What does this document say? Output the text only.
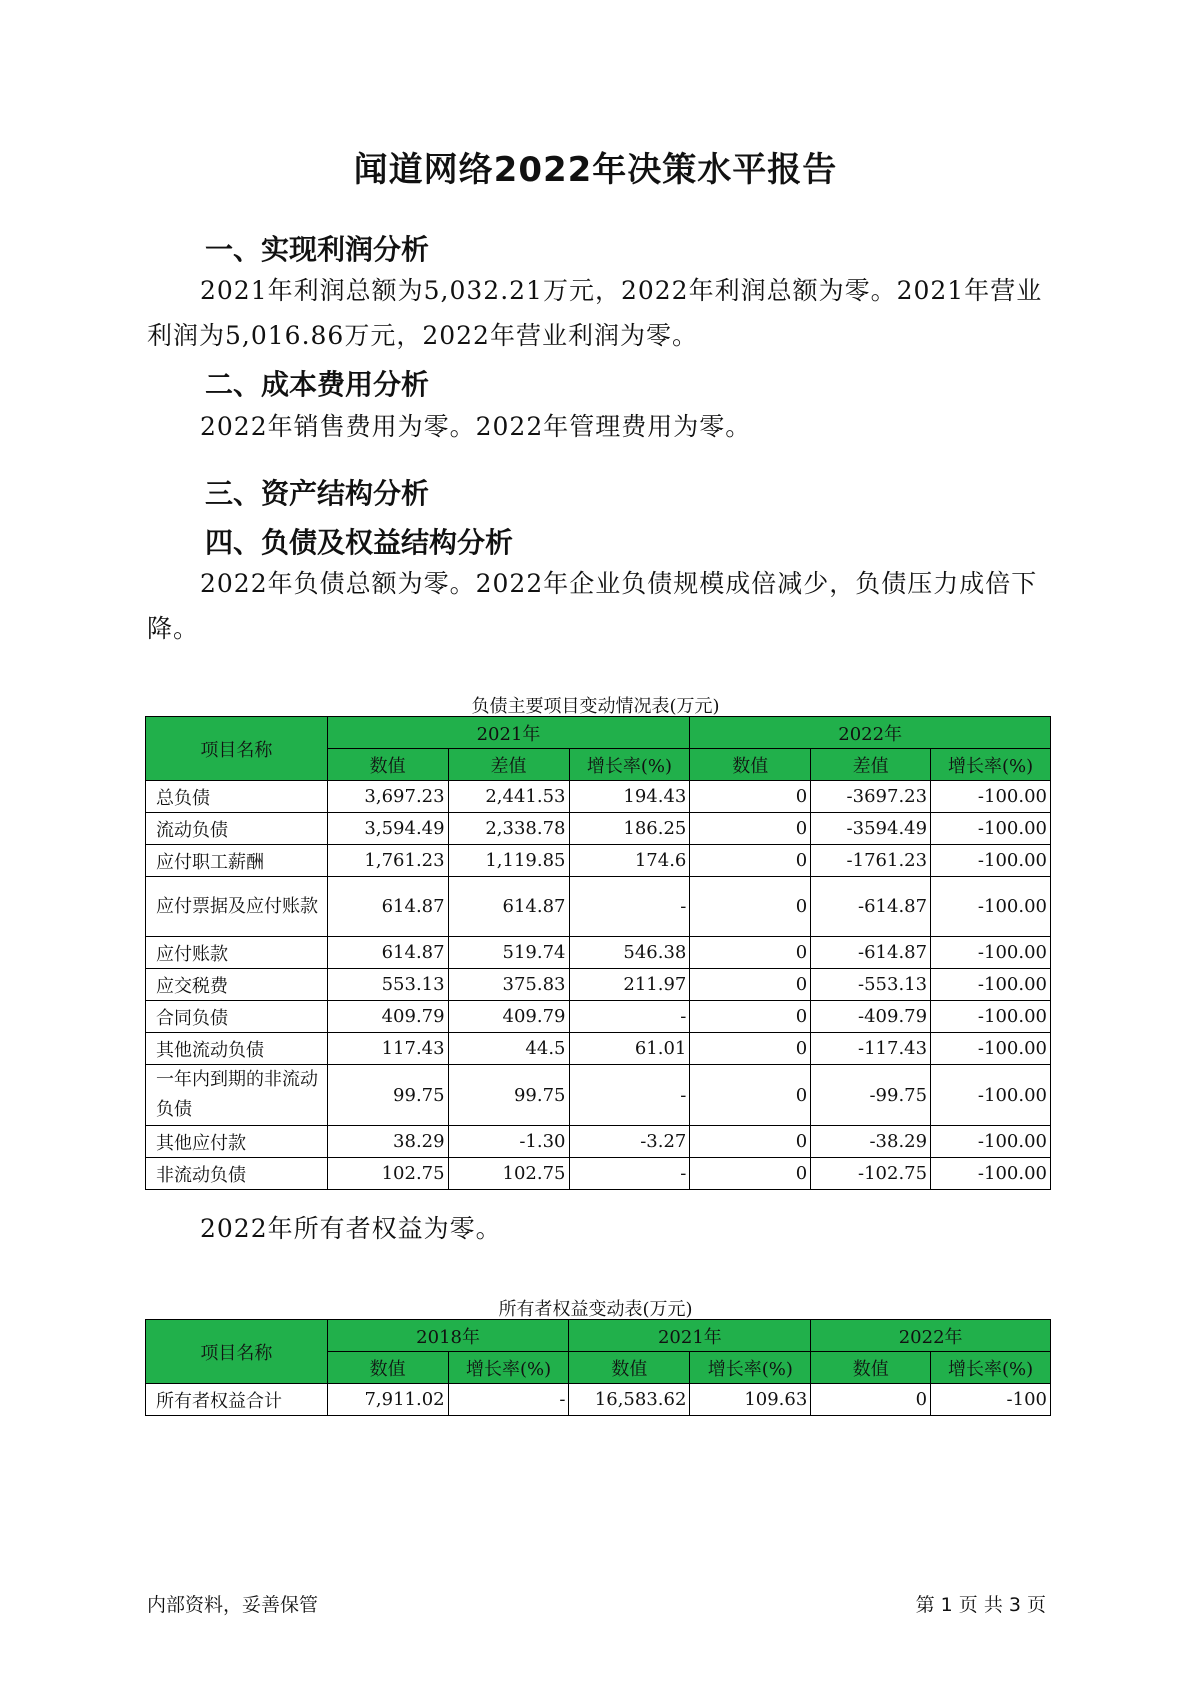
闻道网络2022年决策水平报告
一、实现利润分析

2021年利润总额为5,032.21万元，2022年利润总额为零。2021年营业利润为5,016.86万元，2022年营业利润为零。

二、成本费用分析

2022年销售费用为零。2022年管理费用为零。

三、资产结构分析
四、负债及权益结构分析

2022年负债总额为零。2022年企业负债规模成倍减少，负债压力成倍下降。

负债主要项目变动情况表(万元)
项目名称	2021年			2022年		
	数值	差值	增长率(%)	数值	差值	增长率(%)
总负债	3,697.23	2,441.53	194.43	0	-3697.23	-100.00
流动负债	3,594.49	2,338.78	186.25	0	-3594.49	-100.00
应付职工薪酬	1,761.23	1,119.85	174.6	0	-1761.23	-100.00
应付票据及应付账款	614.87	614.87	-	0	-614.87	-100.00
应付账款	614.87	519.74	546.38	0	-614.87	-100.00
应交税费	553.13	375.83	211.97	0	-553.13	-100.00
合同负债	409.79	409.79	-	0	-409.79	-100.00
其他流动负债	117.43	44.5	61.01	0	-117.43	-100.00
一年内到期的非流动负债	99.75	99.75	-	0	-99.75	-100.00
其他应付款	38.29	-1.30	-3.27	0	-38.29	-100.00
非流动负债	102.75	102.75	-	0	-102.75	-100.00

2022年所有者权益为零。

所有者权益变动表(万元)
项目名称	2018年		2021年		2022年	
	数值	增长率(%)	数值	增长率(%)	数值	增长率(%)
所有者权益合计	7,911.02	-	16,583.62	109.63	0	-100
内部资料，妥善保管	第 1 页 共 3 页
